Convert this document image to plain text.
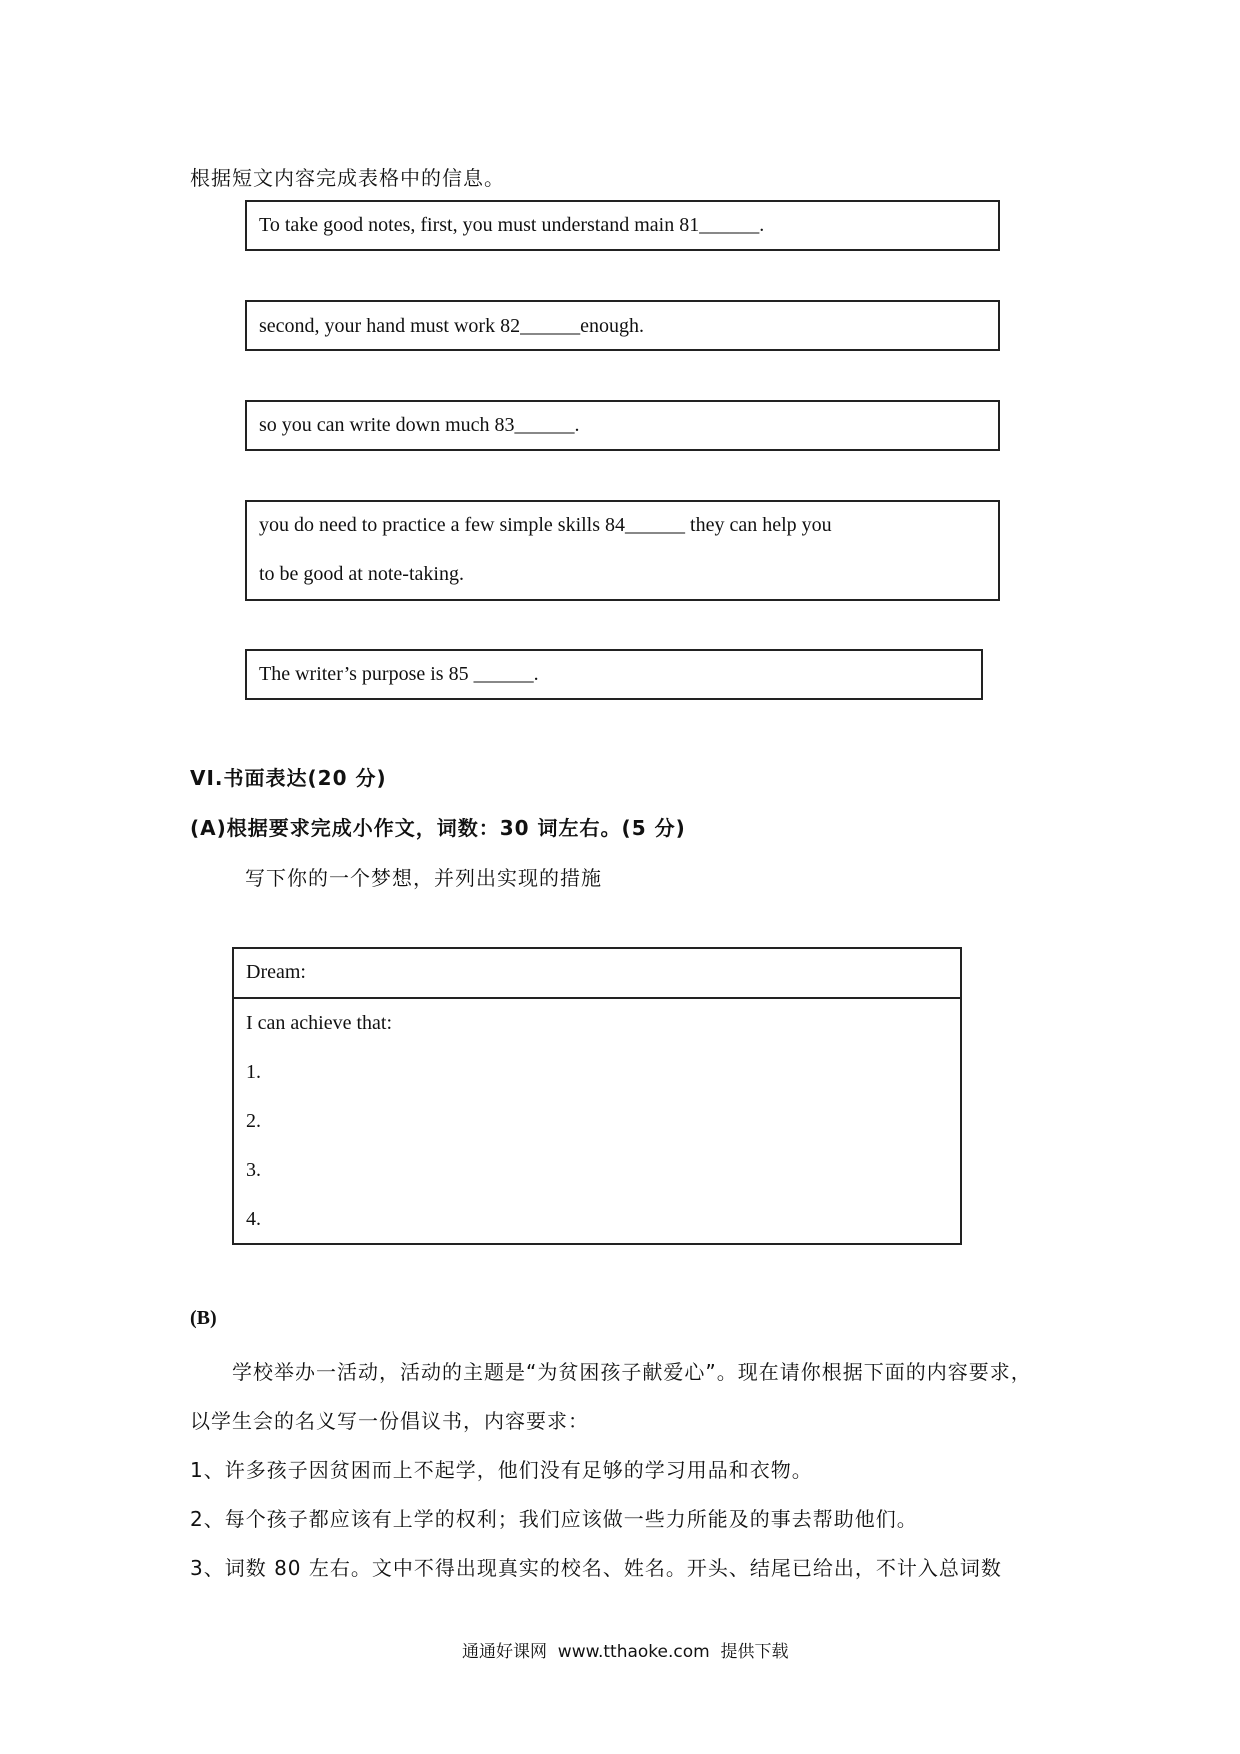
根据短文内容完成表格中的信息。
To take good notes, first, you must understand main 81______.
second, your hand must work 82______enough.
so you can write down much 83______.
you do need to practice a few simple skills 84______ they can help you
to be good at note-taking.
The writer’s purpose is 85 ______.
VI.书面表达(20 分)
(A)根据要求完成小作文，词数：30 词左右。(5 分)
写下你的一个梦想，并列出实现的措施
Dream:
I can achieve that:
1.
2.
3.
4.
(B)
学校举办一活动，活动的主题是“为贫困孩子献爱心”。现在请你根据下面的内容要求，
以学生会的名义写一份倡议书，内容要求：
1、许多孩子因贫困而上不起学，他们没有足够的学习用品和衣物。
2、每个孩子都应该有上学的权利；我们应该做一些力所能及的事去帮助他们。
3、词数 80 左右。文中不得出现真实的校名、姓名。开头、结尾已给出，不计入总词数
通通好课网  www.tthaoke.com  提供下载
